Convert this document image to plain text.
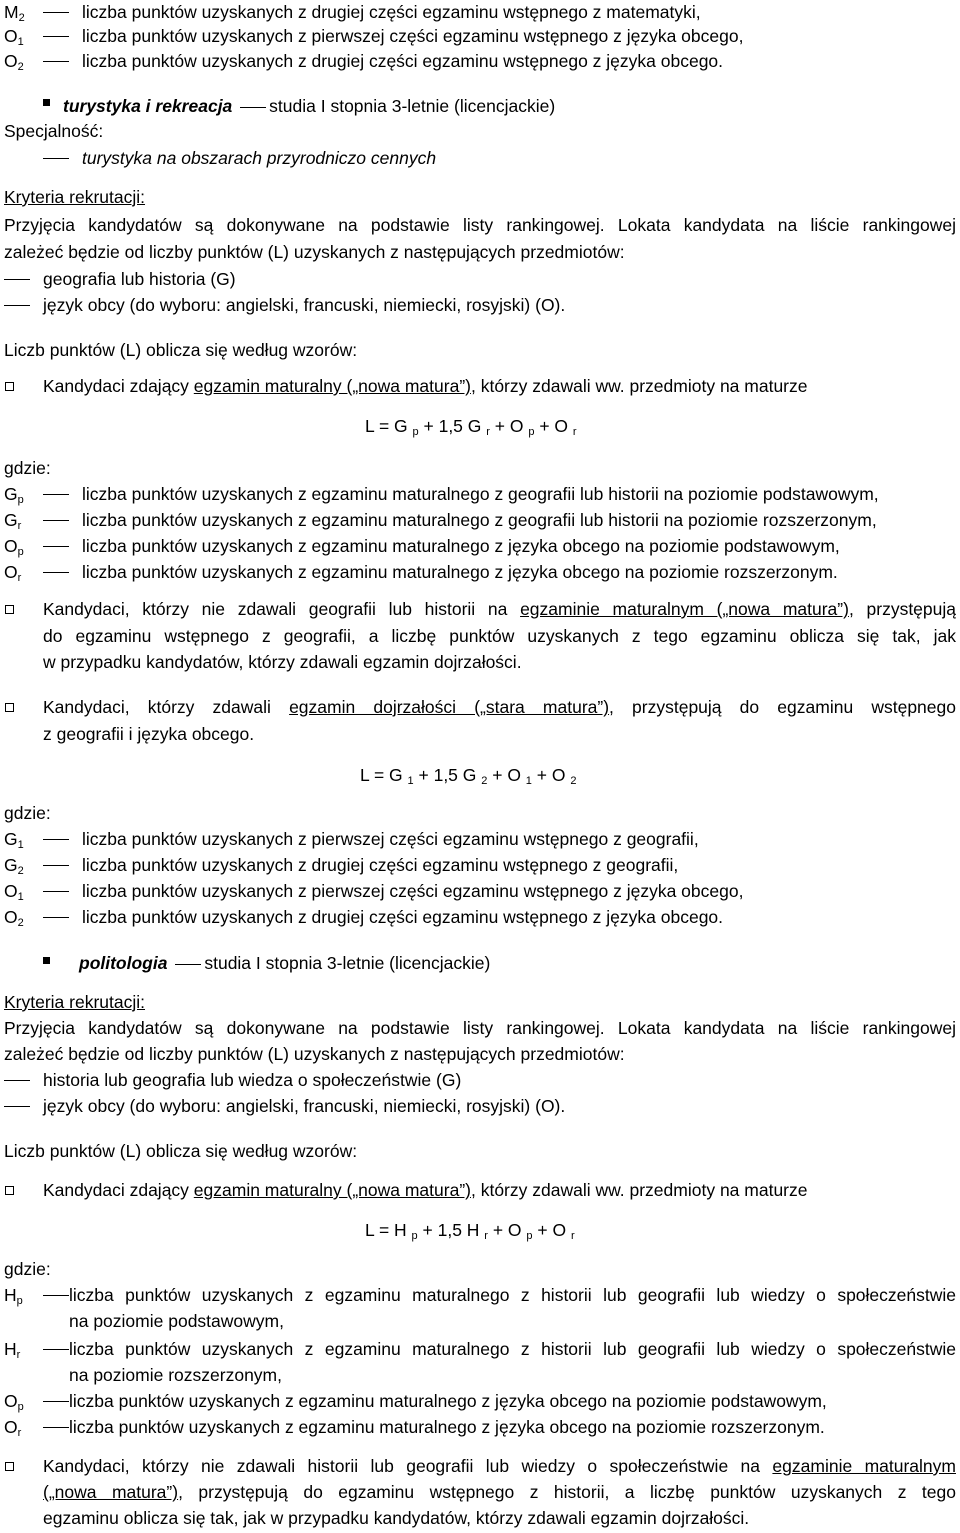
$M_2$	liczba punktów uzyskanych z drugiej części egzaminu wstępnego z matematyki,
$O_1$	liczba punktów uzyskanych z pierwszej części egzaminu wstępnego z języka obcego,
$O_2$	liczba punktów uzyskanych z drugiej części egzaminu wstępnego z języka obcego.
turystyka i rekreacja studia I stopnia 3-letnie (licencjackie)
Specjalność:
turystyka na obszarach przyrodniczo cennych
Kryteria rekrutacji:
Przyjęcia kandydatów są dokonywane na podstawie listy rankingowej. Lokata kandydata na liście rankingowej
zależeć będzie od liczby punktów (L) uzyskanych z następujących przedmiotów:
geografia lub historia (G)
język obcy (do wyboru: angielski, francuski, niemiecki, rosyjski) (O).
Liczb punktów (L) oblicza się według wzorów:
Kandydaci zdający egzamin maturalny („nowa matura”), którzy zdawali ww. przedmioty na maturze
L = G $_p$ + 1,5 G $_r$ + O $_p$ + O $_r$
gdzie:
$G_p$	liczba punktów uzyskanych z egzaminu maturalnego z geografii lub historii na poziomie podstawowym,
$G_r$	liczba punktów uzyskanych z egzaminu maturalnego z geografii lub historii na poziomie rozszerzonym,
$O_p$	liczba punktów uzyskanych z egzaminu maturalnego z języka obcego na poziomie podstawowym,
$O_r$	liczba punktów uzyskanych z egzaminu maturalnego z języka obcego na poziomie rozszerzonym.
Kandydaci, którzy nie zdawali geografii lub historii na egzaminie maturalnym („nowa matura”), przystępują
do egzaminu wstępnego z geografii, a liczbę punktów uzyskanych z tego egzaminu oblicza się tak, jak
w przypadku kandydatów, którzy zdawali egzamin dojrzałości.
Kandydaci, którzy zdawali egzamin dojrzałości („stara matura”), przystępują do egzaminu wstępnego
z geografii i języka obcego.
L = G $_1$ + 1,5 G $_2$ + O $_1$ + O $_2$
gdzie:
$G_1$	liczba punktów uzyskanych z pierwszej części egzaminu wstępnego z geografii,
$G_2$	liczba punktów uzyskanych z drugiej części egzaminu wstępnego z geografii,
$O_1$	liczba punktów uzyskanych z pierwszej części egzaminu wstępnego z języka obcego,
$O_2$	liczba punktów uzyskanych z drugiej części egzaminu wstępnego z języka obcego.
politologia studia I stopnia 3-letnie (licencjackie)
Kryteria rekrutacji:
Przyjęcia kandydatów są dokonywane na podstawie listy rankingowej. Lokata kandydata na liście rankingowej
zależeć będzie od liczby punktów (L) uzyskanych z następujących przedmiotów:
historia lub geografia lub wiedza o społeczeństwie (G)
język obcy (do wyboru: angielski, francuski, niemiecki, rosyjski) (O).
Liczb punktów (L) oblicza się według wzorów:
Kandydaci zdający egzamin maturalny („nowa matura”), którzy zdawali ww. przedmioty na maturze
L = H $_p$ + 1,5 H $_r$ + O $_p$ + O $_r$
gdzie:
$H_p$	liczba punktów uzyskanych z egzaminu maturalnego z historii lub geografii lub wiedzy o społeczeństwie
na poziomie podstawowym,
$H_r$	liczba punktów uzyskanych z egzaminu maturalnego z historii lub geografii lub wiedzy o społeczeństwie
na poziomie rozszerzonym,
$O_p$	liczba punktów uzyskanych z egzaminu maturalnego z języka obcego na poziomie podstawowym,
$O_r$	liczba punktów uzyskanych z egzaminu maturalnego z języka obcego na poziomie rozszerzonym.
Kandydaci, którzy nie zdawali historii lub geografii lub wiedzy o społeczeństwie na egzaminie maturalnym
(„nowa matura”), przystępują do egzaminu wstępnego z historii, a liczbę punktów uzyskanych z tego
egzaminu oblicza się tak, jak w przypadku kandydatów, którzy zdawali egzamin dojrzałości.
